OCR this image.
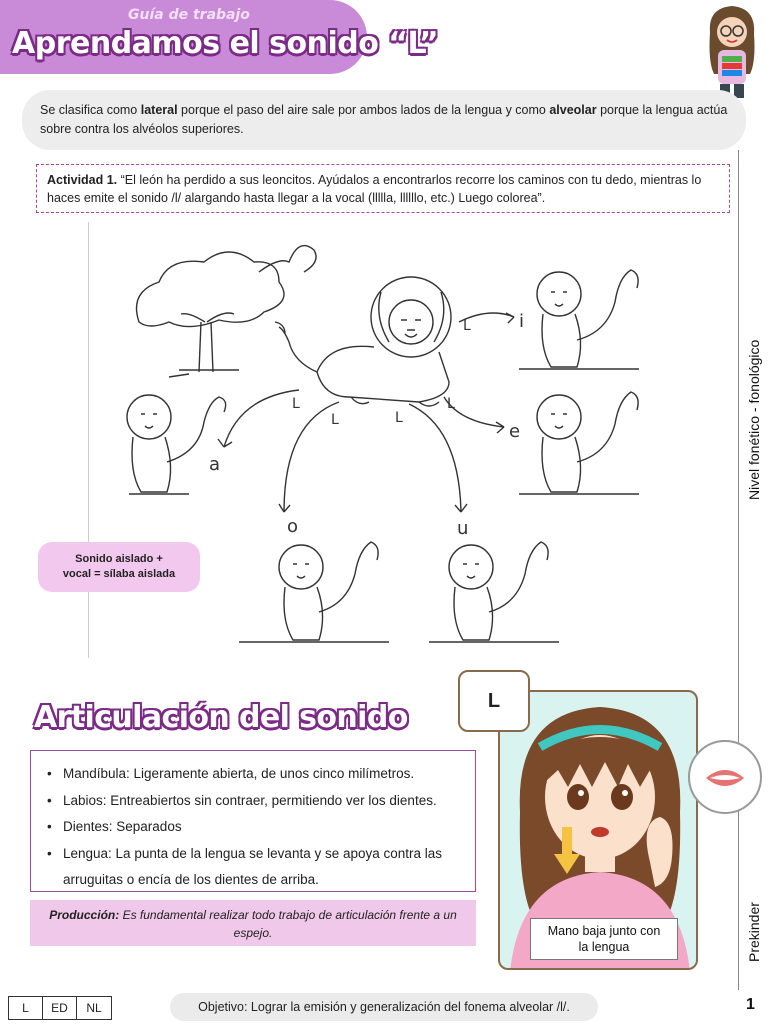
Guía de trabajo
Aprendamos el sonido “L”
Se clasifica como lateral porque el paso del aire sale por ambos lados de la lengua y como alveolar porque la lengua actúa sobre contra los alvéolos superiores.
Nivel fonético - fonológico
Prekinder
Actividad 1. “El león ha perdido a sus leoncitos. Ayúdalos a encontrarlos recorre los caminos con tu dedo, mientras lo haces emite el sonido /l/ alargando hasta llegar a la vocal (llllla, llllllo, etc.) Luego colorea”.
L
L	L
L
L
a
e
i
o	u
Sonido aislado +
vocal = sílaba aislada
Articulación del sonido
• Mandíbula: Ligeramente abierta, de unos cinco milímetros.
• Labios: Entreabiertos sin contraer, permitiendo ver los dientes.
• Dientes: Separados
• Lengua: La punta de la lengua se levanta y se apoya contra las arruguitas o encía de los dientes de arriba.
Producción: Es fundamental realizar todo trabajo de articulación frente a un espejo.
L
Mano baja junto con
la lengua
L	ED	NL	Objetivo: Lograr la emisión y generalización del fonema alveolar /l/.	1
